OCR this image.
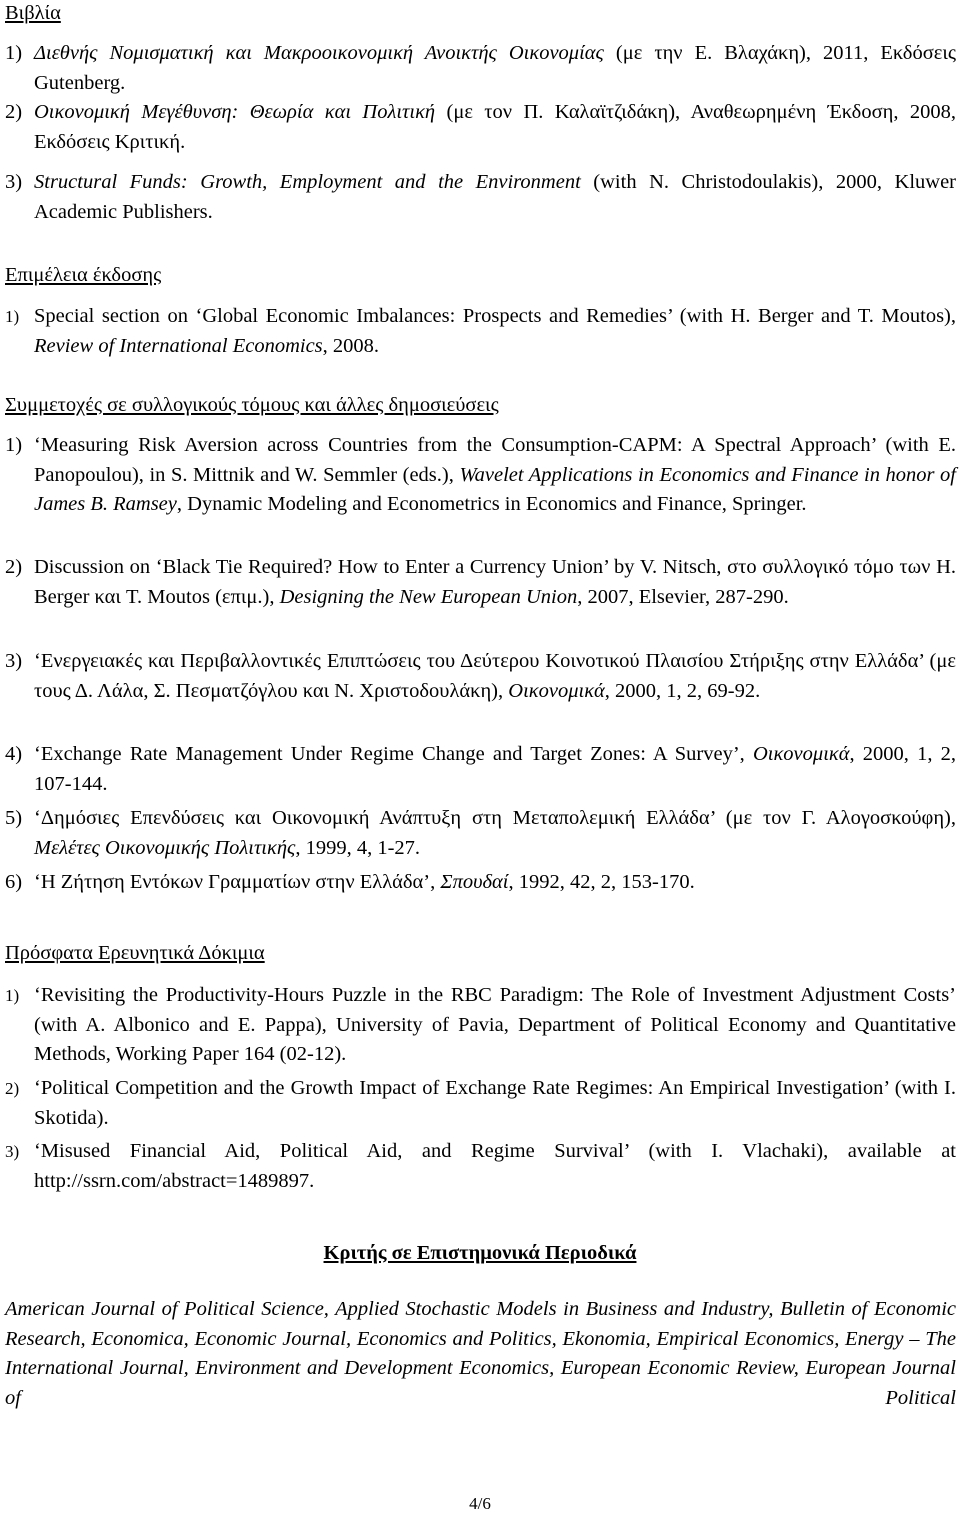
Βιβλία
1) Διεθνής Νομισματική και Μακροοικονομική Ανοικτής Οικονομίας (με την Ε. Βλαχάκη), 2011, Εκδόσεις Gutenberg.
2) Οικονομική Μεγέθυνση: Θεωρία και Πολιτική (με τον Π. Καλαϊτζιδάκη), Αναθεωρημένη Έκδοση, 2008, Εκδόσεις Κριτική.
3) Structural Funds: Growth, Employment and the Environment (with N. Christodoulakis), 2000, Kluwer Academic Publishers.
Επιμέλεια έκδοσης
1) Special section on ‘Global Economic Imbalances: Prospects and Remedies’ (with H. Berger and T. Moutos), Review of International Economics, 2008.
Συμμετοχές σε συλλογικούς τόμους και άλλες δημοσιεύσεις
1) ‘Measuring Risk Aversion across Countries from the Consumption-CAPM: A Spectral Approach’ (with E. Panopoulou), in S. Mittnik and W. Semmler (eds.), Wavelet Applications in Economics and Finance in honor of James B. Ramsey, Dynamic Modeling and Econometrics in Economics and Finance, Springer.
2) Discussion on ‘Black Tie Required? How to Enter a Currency Union’ by V. Nitsch, στο συλλογικό τόμο των H. Berger και T. Moutos (επιμ.), Designing the New European Union, 2007, Elsevier, 287-290.
3) ‘Ενεργειακές και Περιβαλλοντικές Επιπτώσεις του Δεύτερου Κοινοτικού Πλαισίου Στήριξης στην Ελλάδα’ (με τους Δ. Λάλα, Σ. Πεσματζόγλου και Ν. Χριστοδουλάκη), Οικονομικά, 2000, 1, 2, 69-92.
4) ‘Exchange Rate Management Under Regime Change and Target Zones: A Survey’, Οικονομικά, 2000, 1, 2, 107-144.
5) ‘Δημόσιες Επενδύσεις και Οικονομική Ανάπτυξη στη Μεταπολεμική Ελλάδα’ (με τον Γ. Αλογοσκούφη), Μελέτες Οικονομικής Πολιτικής, 1999, 4, 1-27.
6) ‘Η Ζήτηση Εντόκων Γραμματίων στην Ελλάδα’, Σπουδαί, 1992, 42, 2, 153-170.
Πρόσφατα Ερευνητικά Δόκιμια
1) ‘Revisiting the Productivity-Hours Puzzle in the RBC Paradigm: The Role of Investment Adjustment Costs’ (with A. Albonico and E. Pappa), University of Pavia, Department of Political Economy and Quantitative Methods, Working Paper 164 (02-12).
2) ‘Political Competition and the Growth Impact of Exchange Rate Regimes: An Empirical Investigation’ (with I. Skotida).
3) ‘Misused Financial Aid, Political Aid, and Regime Survival’ (with I. Vlachaki), available at http://ssrn.com/abstract=1489897.
Κριτής σε Επιστημονικά Περιοδικά
American Journal of Political Science, Applied Stochastic Models in Business and Industry, Bulletin of Economic Research, Economica, Economic Journal, Economics and Politics, Ekonomia, Empirical Economics, Energy – The International Journal, Environment and Development Economics, European Economic Review, European Journal of Political
4/6
